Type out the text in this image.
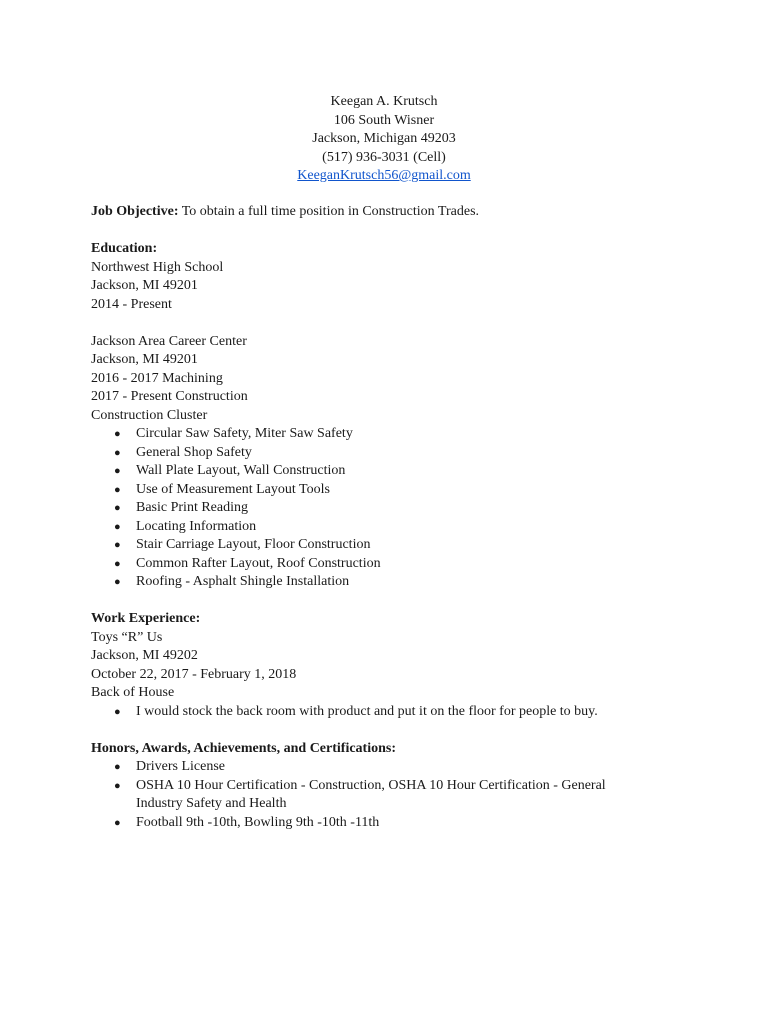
Keegan A. Krutsch
106 South Wisner
Jackson, Michigan 49203
(517) 936-3031 (Cell)
KeeganKrutsch56@gmail.com
Job Objective: To obtain a full time position in Construction Trades.
Education:
Northwest High School
Jackson, MI 49201
2014 - Present
Jackson Area Career Center
Jackson, MI 49201
2016 - 2017 Machining
2017 - Present Construction
Construction Cluster
● Circular Saw Safety, Miter Saw Safety
● General Shop Safety
● Wall Plate Layout, Wall Construction
● Use of Measurement Layout Tools
● Basic Print Reading
● Locating Information
● Stair Carriage Layout, Floor Construction
● Common Rafter Layout, Roof Construction
● Roofing - Asphalt Shingle Installation
Work Experience:
Toys “R” Us
Jackson, MI 49202
October 22, 2017 - February 1, 2018
Back of House
● I would stock the back room with product and put it on the floor for people to buy.
Honors, Awards, Achievements, and Certifications:
● Drivers License
● OSHA 10 Hour Certification - Construction, OSHA 10 Hour Certification - General Industry Safety and Health
● Football 9th -10th, Bowling 9th -10th -11th
